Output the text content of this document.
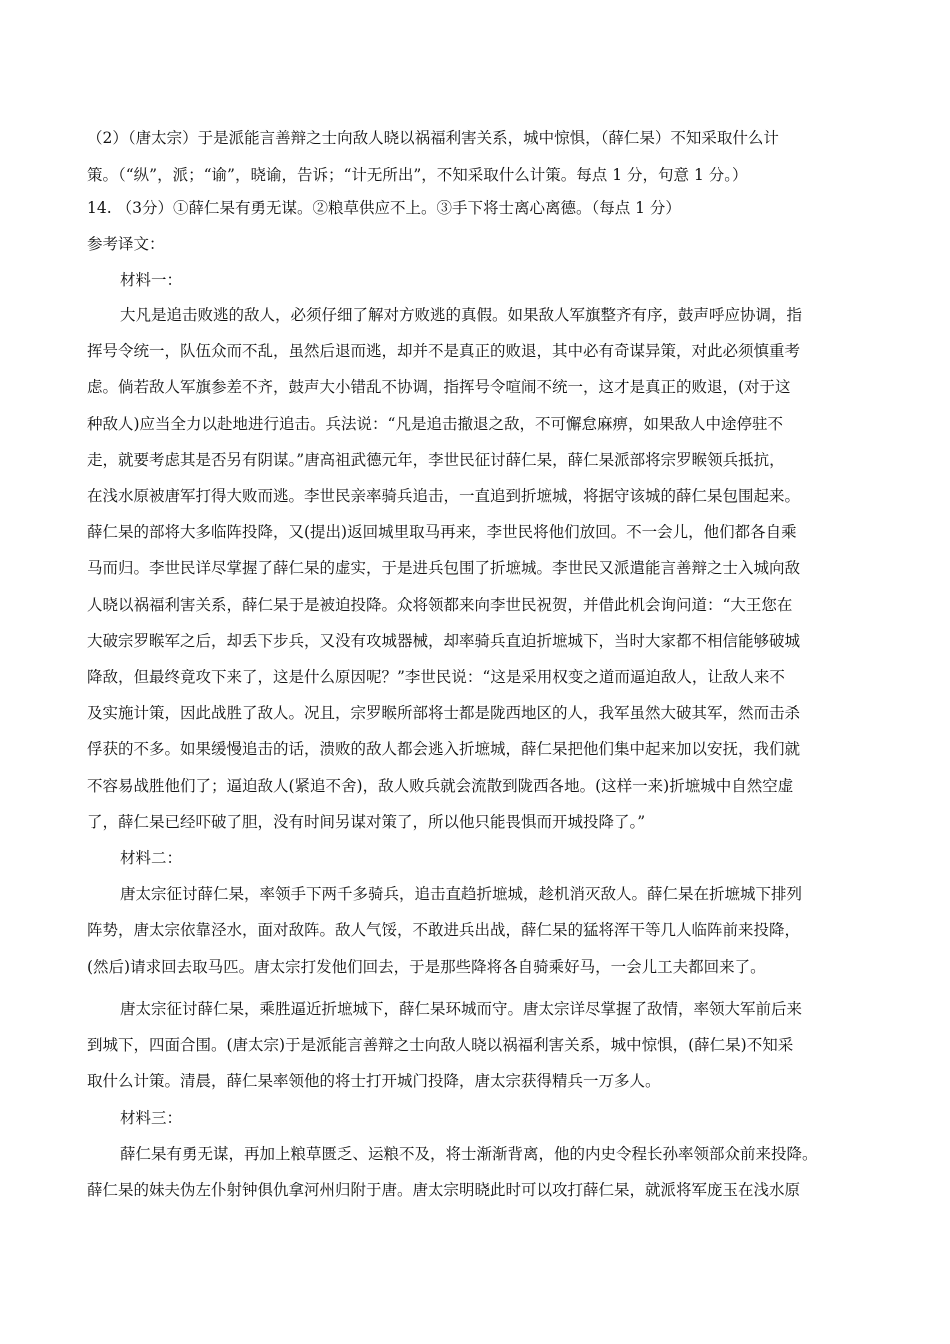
（2）（唐太宗）于是派能言善辩之士向敌人晓以祸福利害关系，城中惊惧，（薛仁杲）不知采取什么计
策。（“纵”，派；“谕”，晓谕，告诉；“计无所出”，不知采取什么计策。每点 1 分，句意 1 分。）
14. （3分）①薛仁杲有勇无谋。②粮草供应不上。③手下将士离心离德。（每点 1 分）
参考译文：
材料一：
大凡是追击败逃的敌人，必须仔细了解对方败逃的真假。如果敌人军旗整齐有序，鼓声呼应协调，指
挥号令统一，队伍众而不乱，虽然后退而逃，却并不是真正的败退，其中必有奇谋异策，对此必须慎重考
虑。倘若敌人军旗参差不齐，鼓声大小错乱不协调，指挥号令喧闹不统一，这才是真正的败退，(对于这
种敌人)应当全力以赴地进行追击。兵法说：“凡是追击撤退之敌，不可懈怠麻痹，如果敌人中途停驻不
走，就要考虑其是否另有阴谋。”唐高祖武德元年，李世民征讨薛仁杲，薛仁杲派部将宗罗睺领兵抵抗，
在浅水原被唐军打得大败而逃。李世民亲率骑兵追击，一直追到折墌城，将据守该城的薛仁杲包围起来。
薛仁杲的部将大多临阵投降，又(提出)返回城里取马再来，李世民将他们放回。不一会儿，他们都各自乘
马而归。李世民详尽掌握了薛仁杲的虚实，于是进兵包围了折墌城。李世民又派遣能言善辩之士入城向敌
人晓以祸福利害关系，薛仁杲于是被迫投降。众将领都来向李世民祝贺，并借此机会询问道：“大王您在
大破宗罗睺军之后，却丢下步兵，又没有攻城器械，却率骑兵直迫折墌城下，当时大家都不相信能够破城
降敌，但最终竟攻下来了，这是什么原因呢？”李世民说：“这是采用权变之道而逼迫敌人，让敌人来不
及实施计策，因此战胜了敌人。况且，宗罗睺所部将士都是陇西地区的人，我军虽然大破其军，然而击杀
俘获的不多。如果缓慢追击的话，溃败的敌人都会逃入折墌城，薛仁杲把他们集中起来加以安抚，我们就
不容易战胜他们了；逼迫敌人(紧追不舍)，敌人败兵就会流散到陇西各地。(这样一来)折墌城中自然空虚
了，薛仁杲已经吓破了胆，没有时间另谋对策了，所以他只能畏惧而开城投降了。”
材料二：
唐太宗征讨薛仁杲，率领手下两千多骑兵，追击直趋折墌城，趁机消灭敌人。薛仁杲在折墌城下排列
阵势，唐太宗依靠泾水，面对敌阵。敌人气馁，不敢进兵出战，薛仁杲的猛将浑干等几人临阵前来投降，
(然后)请求回去取马匹。唐太宗打发他们回去，于是那些降将各自骑乘好马，一会儿工夫都回来了。
唐太宗征讨薛仁杲，乘胜逼近折墌城下，薛仁杲环城而守。唐太宗详尽掌握了敌情，率领大军前后来
到城下，四面合围。(唐太宗)于是派能言善辩之士向敌人晓以祸福利害关系，城中惊惧，(薛仁杲)不知采
取什么计策。清晨，薛仁杲率领他的将士打开城门投降，唐太宗获得精兵一万多人。
材料三：
薛仁杲有勇无谋，再加上粮草匮乏、运粮不及，将士渐渐背离，他的内史令程长孙率领部众前来投降。
薛仁杲的妹夫伪左仆射钟俱仇拿河州归附于唐。唐太宗明晓此时可以攻打薛仁杲，就派将军庞玉在浅水原
